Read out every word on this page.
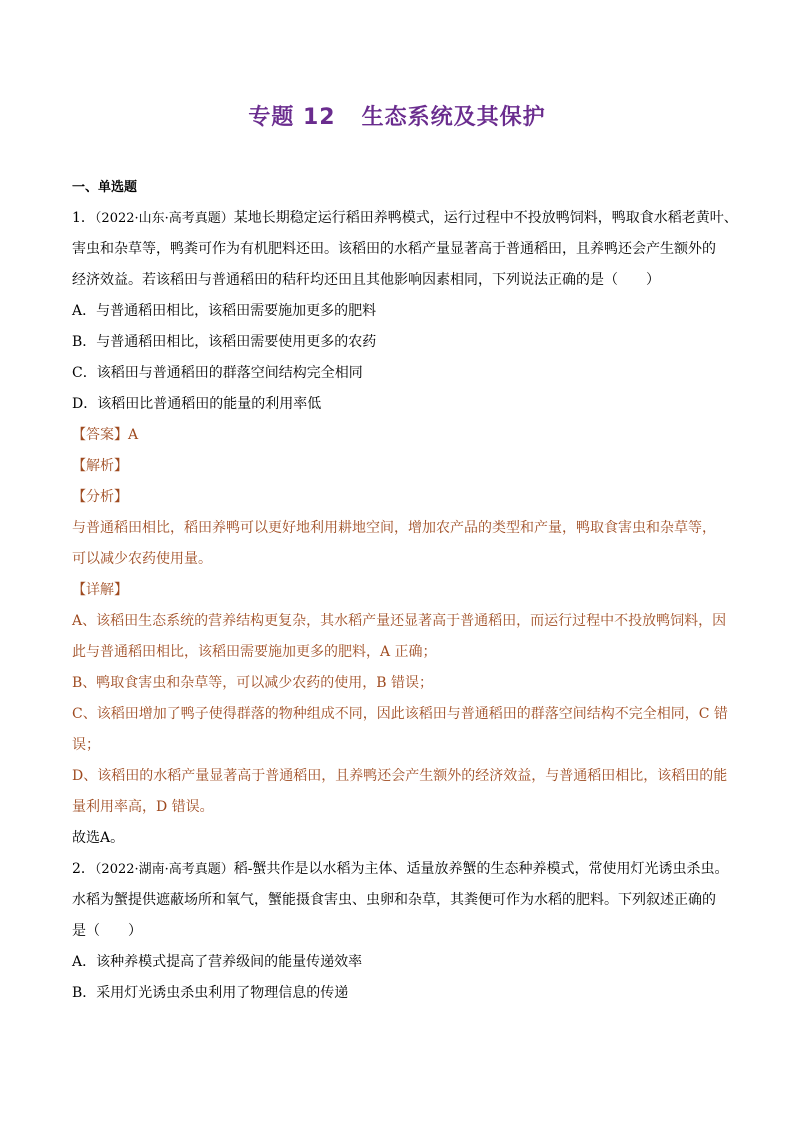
专题 12 生态系统及其保护
一、单选题
1．（2022·山东·高考真题）某地长期稳定运行稻田养鸭模式，运行过程中不投放鸭饲料，鸭取食水稻老黄叶、
害虫和杂草等，鸭粪可作为有机肥料还田。该稻田的水稻产量显著高于普通稻田，且养鸭还会产生额外的
经济效益。若该稻田与普通稻田的秸秆均还田且其他影响因素相同，下列说法正确的是（　　）
A．与普通稻田相比，该稻田需要施加更多的肥料
B．与普通稻田相比，该稻田需要使用更多的农药
C．该稻田与普通稻田的群落空间结构完全相同
D．该稻田比普通稻田的能量的利用率低
【答案】A
【解析】
【分析】
与普通稻田相比，稻田养鸭可以更好地利用耕地空间，增加农产品的类型和产量，鸭取食害虫和杂草等，
可以减少农药使用量。
【详解】
A、该稻田生态系统的营养结构更复杂，其水稻产量还显著高于普通稻田，而运行过程中不投放鸭饲料，因
此与普通稻田相比，该稻田需要施加更多的肥料，A 正确；
B、鸭取食害虫和杂草等，可以减少农药的使用，B 错误；
C、该稻田增加了鸭子使得群落的物种组成不同，因此该稻田与普通稻田的群落空间结构不完全相同，C 错
误；
D、该稻田的水稻产量显著高于普通稻田，且养鸭还会产生额外的经济效益，与普通稻田相比，该稻田的能
量利用率高，D 错误。
故选A。
2．（2022·湖南·高考真题）稻-蟹共作是以水稻为主体、适量放养蟹的生态种养模式，常使用灯光诱虫杀虫。
水稻为蟹提供遮蔽场所和氧气，蟹能摄食害虫、虫卵和杂草，其粪便可作为水稻的肥料。下列叙述正确的
是（　　）
A．该种养模式提高了营养级间的能量传递效率
B．采用灯光诱虫杀虫利用了物理信息的传递
